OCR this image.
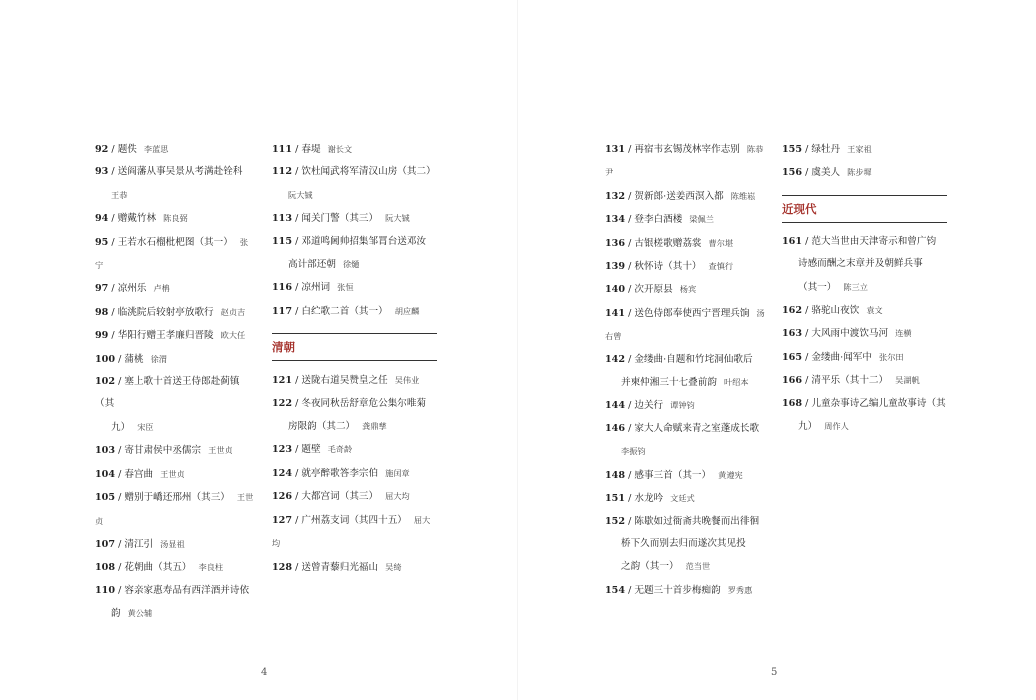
92 / 题佚 李蓝思
93 / 送阎藩从事吴景从考满赴铨科
王恭
94 / 赠戴竹林 陈良弼
95 / 王若水石榴枇杷图（其一） 张宁
97 / 凉州乐 卢柟
98 / 临洮院后较射亭放歌行 赵贞吉
99 / 华阳行赠王孝廉归晋陵 欧大任
100 / 蒲桃 徐渭
102 / 塞上歌十首送王侍郎赴蓟镇（其
九） 宋臣
103 / 寄甘肃侯中丞儒宗 王世贞
104 / 春宫曲 王世贞
105 / 赠别于嶠还邢州（其三） 王世贞
107 / 清江引 汤显祖
108 / 花朝曲（其五） 李良柱
110 / 容亲家惠寿品有西洋酒并诗依
韵 黄公辅
111 / 春堤 谢长文
112 / 饮杜闻武将军清汉山房（其二）
阮大铖
113 / 闻关门警（其三） 阮大铖
115 / 邓道鸣阃帅招集邹罥台送邓汝
高计部还朝 徐熥
116 / 凉州词 张恒
117 / 白纻歌二首（其一） 胡应麟
清朝
121 / 送陇右道吴赞皇之任 吴伟业
122 / 冬夜同秋岳舒章危公集尔唯菊
房限韵（其二） 龚鼎孳
123 / 题壁 毛奇龄
124 / 就亭醉歌答李宗伯 施闰章
126 / 大都宫词（其三） 屈大均
127 / 广州荔支词（其四十五） 屈大均
128 / 送曾青藜归光福山 吴绮
4	5
131 / 再宿韦玄锡茂林宰作志别 陈恭尹
132 / 贺新郎·送姜西溟入都 陈维崧
134 / 登李白酒楼 梁佩兰
136 / 古银槎歌赠荔裳 曹尔堪
139 / 秋怀诗（其十） 查慎行
140 / 次开原县 杨宾
141 / 送色侍郎奉使西宁晋理兵饷 汤右曾
142 / 金缕曲·自题和竹垞洞仙歌后
并柬仲湘三十七叠前韵 叶绍本
144 / 边关行 谭钟钧
146 / 家大人命赋来青之室蓬成长歌
李振钧
148 / 感事三首（其一） 黄遵宪
151 / 水龙吟 文廷式
152 / 陈歇如过衙斋共晚餐而出徘徊
桥下久而别去归而遂次其见投
之韵（其一） 范当世
154 / 无题三十首步梅痴韵 罗秀惠
155 / 绿牡丹 王家祖
156 / 虞美人 陈步墀
近现代
161 / 范大当世由天津寄示和曾广钧
诗感而酬之末章并及朝鲜兵事
（其一） 陈三立
162 / 骆驼山夜饮 袁文
163 / 大风雨中渡饮马河 连横
165 / 金缕曲·闻军中 张尔田
166 / 清平乐（其十二） 吴湖帆
168 / 儿童杂事诗乙编儿童故事诗（其
九） 周作人
